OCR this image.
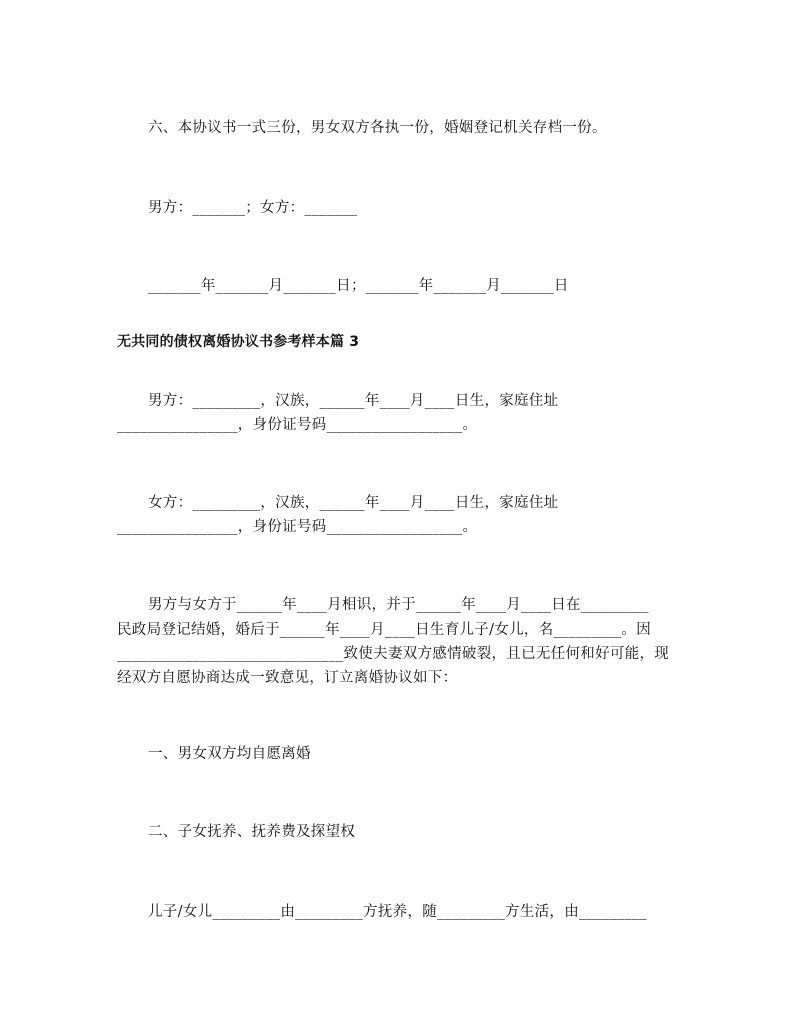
六、本协议书一式三份，男女双方各执一份，婚姻登记机关存档一份。
男方：_______；女方：_______
_______年_______月_______日；_______年_______月_______日
无共同的债权离婚协议书参考样本篇 3
男方：_________，汉族，______年____月____日生，家庭住址
________________，身份证号码__________________。
女方：_________，汉族，______年____月____日生，家庭住址
________________，身份证号码__________________。
男方与女方于______年____月相识，并于______年____月____日在_________
民政局登记结婚，婚后于______年____月____日生育儿子/女儿，名_________。因
______________________________致使夫妻双方感情破裂，且已无任何和好可能，现
经双方自愿协商达成一致意见，订立离婚协议如下：
一、男女双方均自愿离婚
二、子女抚养、抚养费及探望权
儿子/女儿_________由_________方抚养，随_________方生活，由_________
